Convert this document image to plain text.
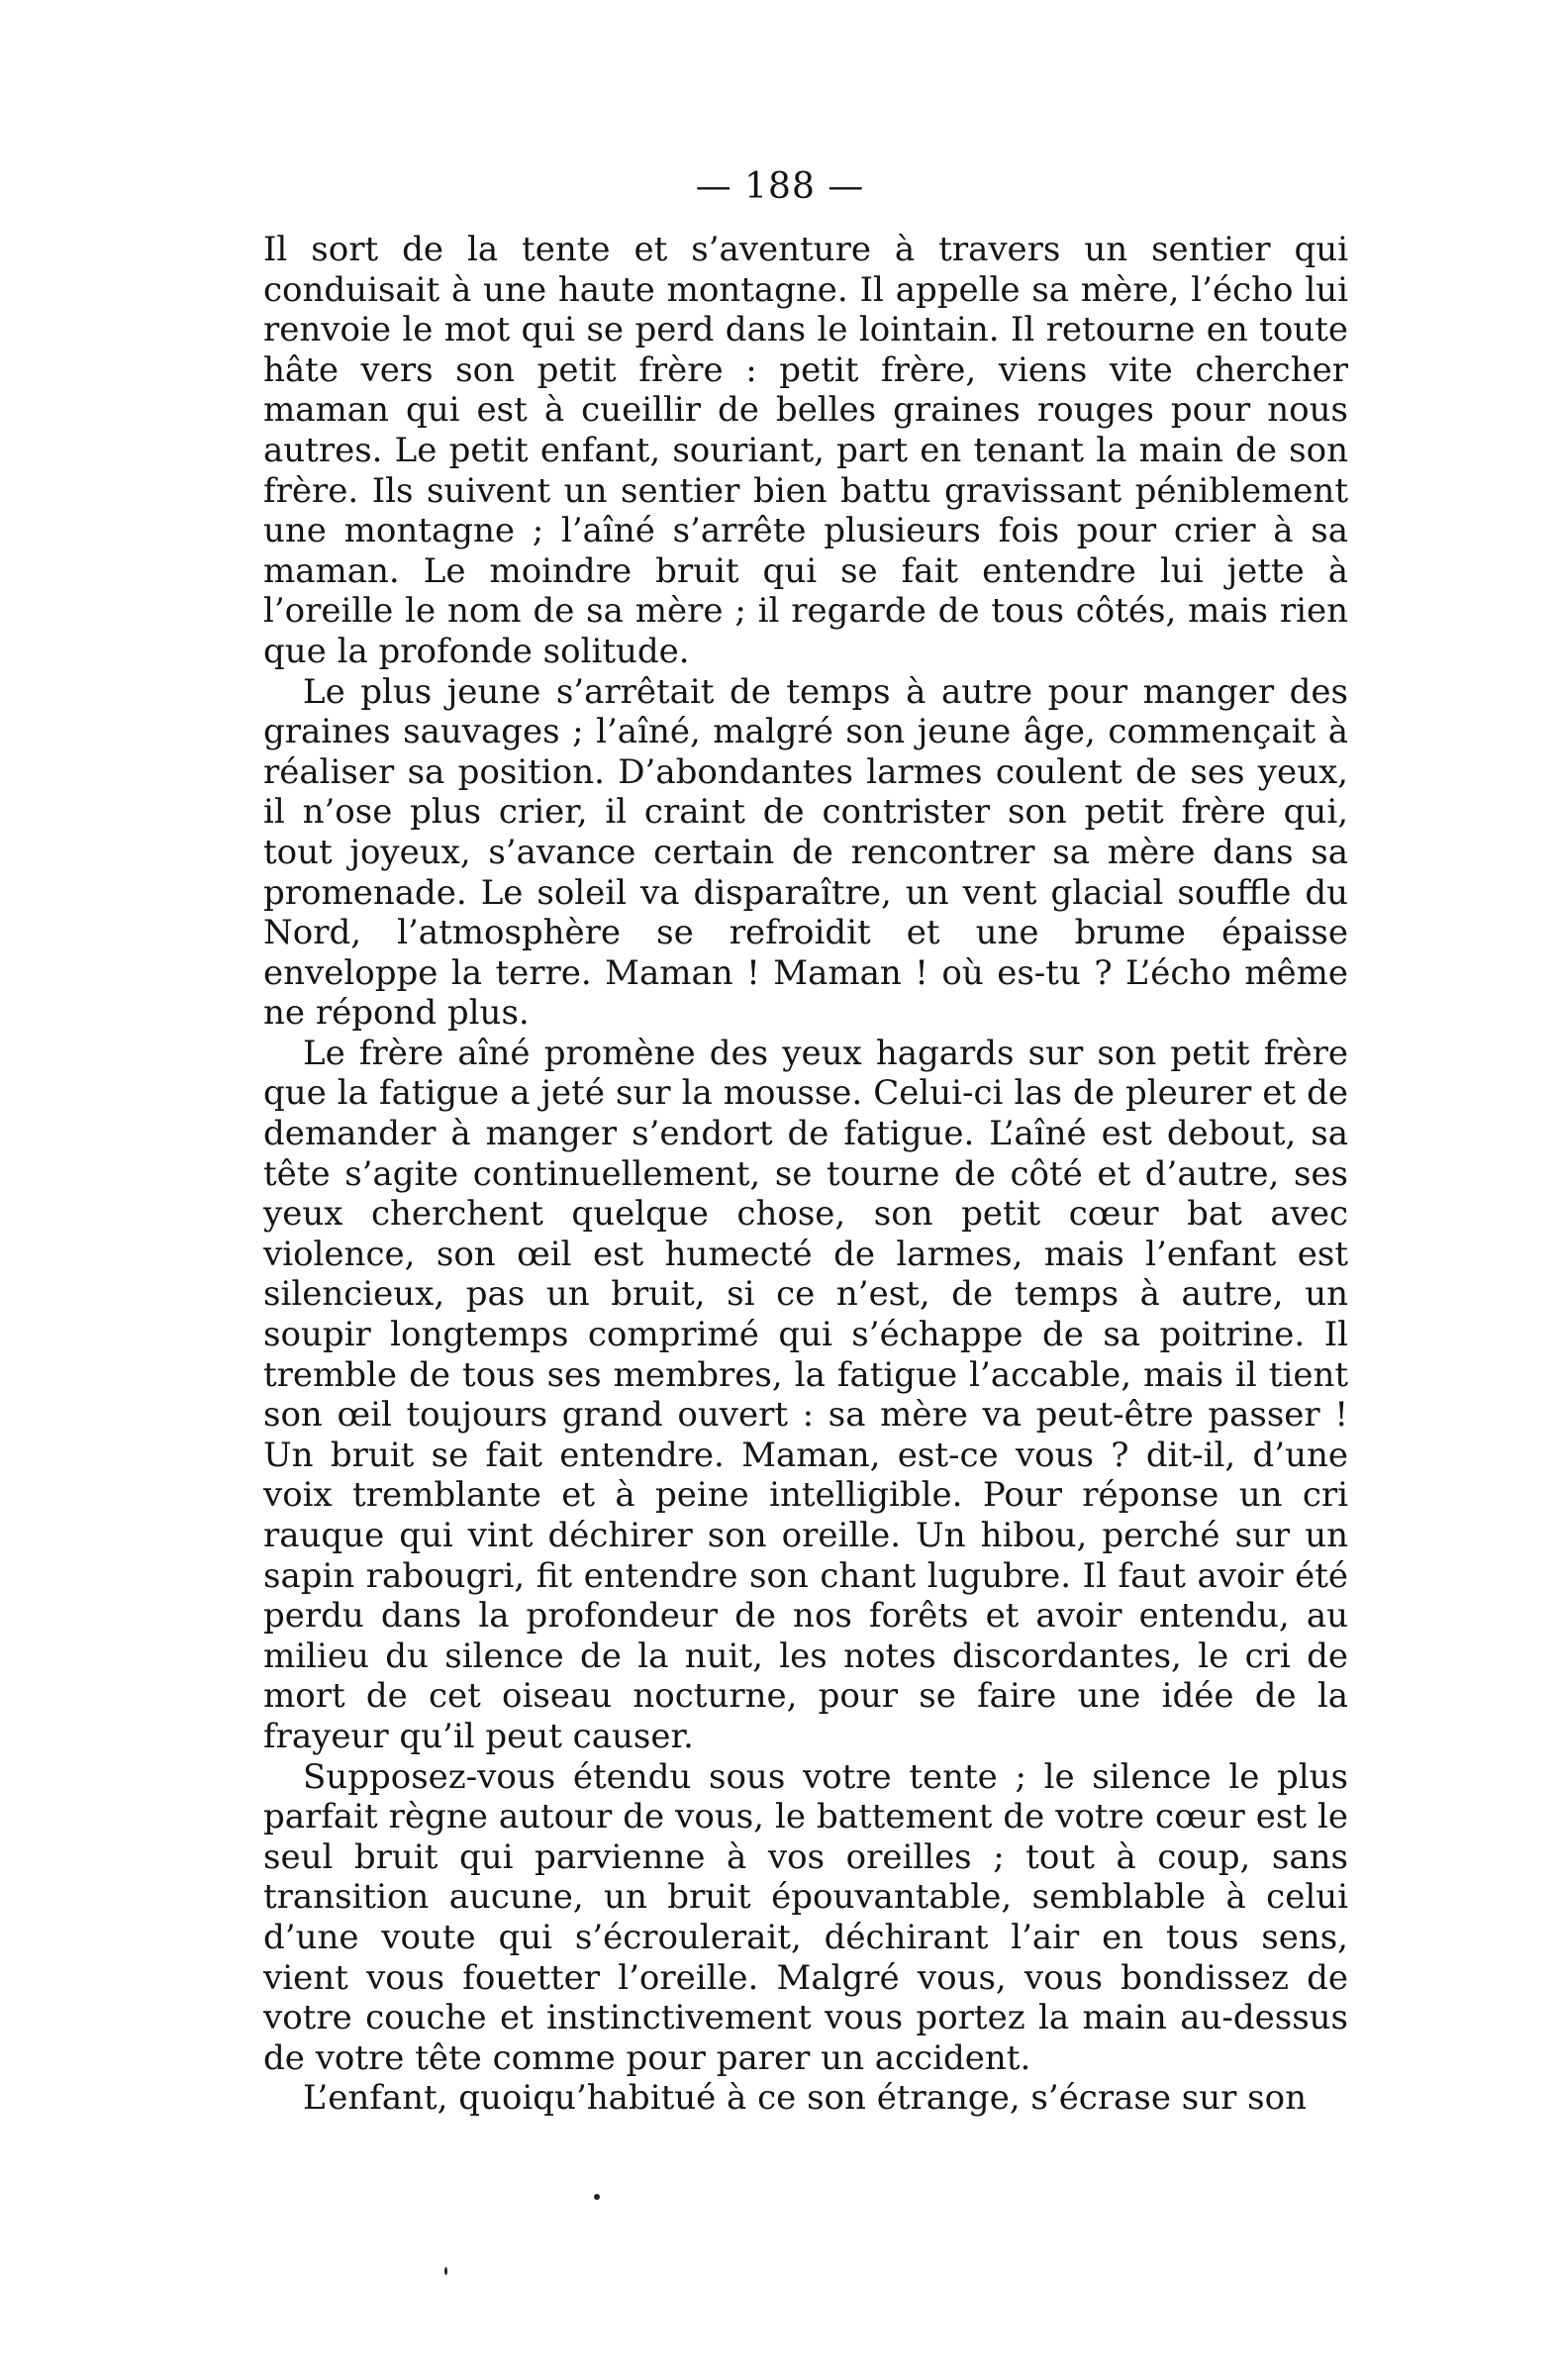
— 188 —

Il sort de la tente et s’aventure à travers un sentier qui conduisait à une haute montagne. Il appelle sa mère, l’écho lui renvoie le mot qui se perd dans le lointain. Il retourne en toute hâte vers son petit frère : petit frère, viens vite chercher maman qui est à cueillir de belles graines rouges pour nous autres. Le petit enfant, souriant, part en tenant la main de son frère. Ils suivent un sentier bien battu gravissant péniblement une montagne ; l’aîné s’arrête plusieurs fois pour crier à sa maman. Le moindre bruit qui se fait entendre lui jette à l’oreille le nom de sa mère ; il regarde de tous côtés, mais rien que la profonde solitude.

Le plus jeune s’arrêtait de temps à autre pour manger des graines sauvages ; l’aîné, malgré son jeune âge, commençait à réaliser sa position. D’abondantes larmes coulent de ses yeux, il n’ose plus crier, il craint de contrister son petit frère qui, tout joyeux, s’avance certain de rencontrer sa mère dans sa promenade. Le soleil va disparaître, un vent glacial souffle du Nord, l’atmosphère se refroidit et une brume épaisse enveloppe la terre. Maman ! Maman ! où es-tu ? L’écho même ne répond plus.

Le frère aîné promène des yeux hagards sur son petit frère que la fatigue a jeté sur la mousse. Celui-ci las de pleurer et de demander à manger s’endort de fatigue. L’aîné est debout, sa tête s’agite continuellement, se tourne de côté et d’autre, ses yeux cherchent quelque chose, son petit cœur bat avec violence, son œil est humecté de larmes, mais l’enfant est silencieux, pas un bruit, si ce n’est, de temps à autre, un soupir longtemps comprimé qui s’échappe de sa poitrine. Il tremble de tous ses membres, la fatigue l’accable, mais il tient son œil toujours grand ouvert : sa mère va peut-être passer ! Un bruit se fait entendre. Maman, est-ce vous ? dit-il, d’une voix tremblante et à peine intelligible. Pour réponse un cri rauque qui vint déchirer son oreille. Un hibou, perché sur un sapin rabougri, fit entendre son chant lugubre. Il faut avoir été perdu dans la profondeur de nos forêts et avoir entendu, au milieu du silence de la nuit, les notes discordantes, le cri de mort de cet oiseau nocturne, pour se faire une idée de la frayeur qu’il peut causer.

Supposez-vous étendu sous votre tente ; le silence le plus parfait règne autour de vous, le battement de votre cœur est le seul bruit qui parvienne à vos oreilles ; tout à coup, sans transition aucune, un bruit épouvantable, semblable à celui d’une voute qui s’écroulerait, déchirant l’air en tous sens, vient vous fouetter l’oreille. Malgré vous, vous bondissez de votre couche et instinctivement vous portez la main au-dessus de votre tête comme pour parer un accident.

L’enfant, quoiqu’habitué à ce son étrange, s’écrase sur son
